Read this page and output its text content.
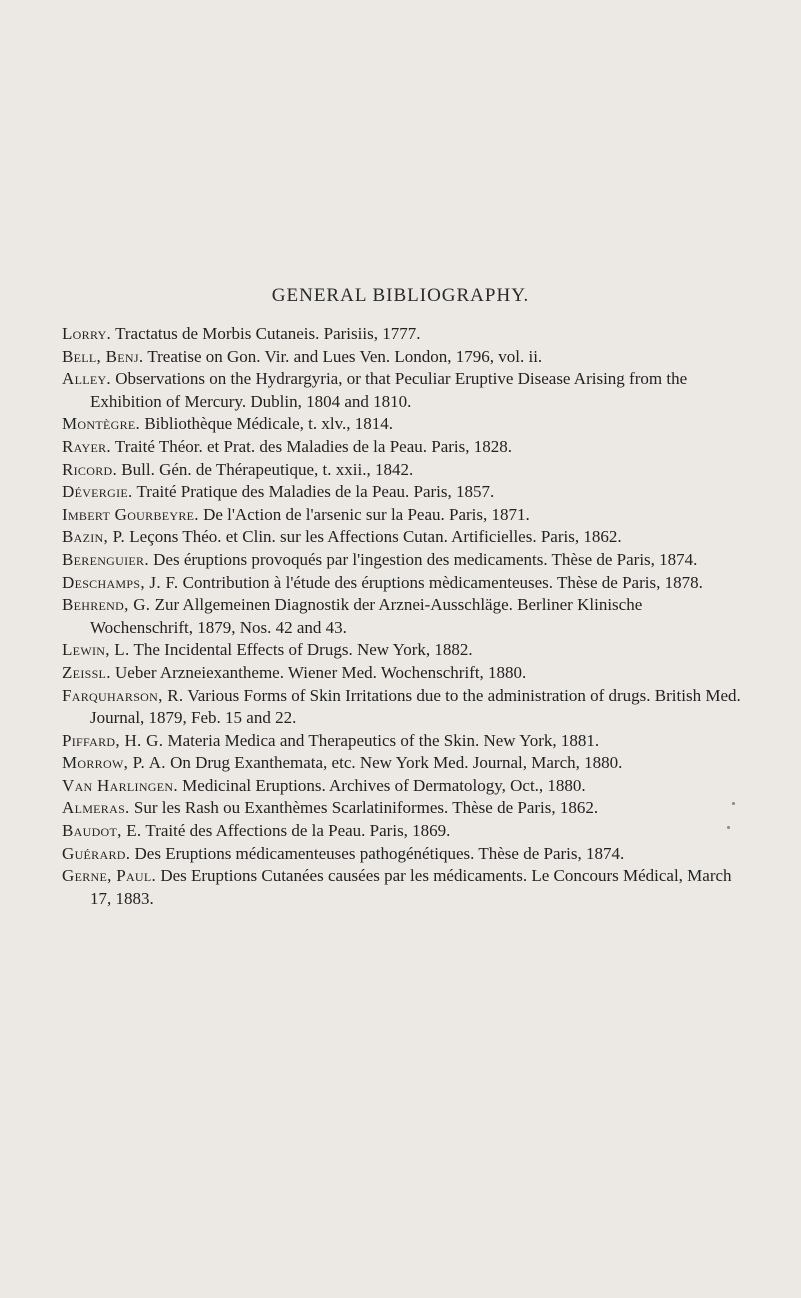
GENERAL BIBLIOGRAPHY.
Lorry. Tractatus de Morbis Cutaneis. Parisiis, 1777.
Bell, Benj. Treatise on Gon. Vir. and Lues Ven. London, 1796, vol. ii.
Alley. Observations on the Hydrargyria, or that Peculiar Eruptive Disease Arising from the Exhibition of Mercury. Dublin, 1804 and 1810.
Montègre. Bibliothèque Médicale, t. xlv., 1814.
Rayer. Traité Théor. et Prat. des Maladies de la Peau. Paris, 1828.
Ricord. Bull. Gén. de Thérapeutique, t. xxii., 1842.
Dévergie. Traité Pratique des Maladies de la Peau. Paris, 1857.
Imbert Gourbeyre. De l'Action de l'arsenic sur la Peau. Paris, 1871.
Bazin, P. Leçons Théo. et Clin. sur les Affections Cutan. Artificielles. Paris, 1862.
Berenguier. Des éruptions provoqués par l'ingestion des medicaments. Thèse de Paris, 1874.
Deschamps, J. F. Contribution à l'étude des éruptions mèdicamenteuses. Thèse de Paris, 1878.
Behrend, G. Zur Allgemeinen Diagnostik der Arznei-Ausschläge. Berliner Klinische Wochenschrift, 1879, Nos. 42 and 43.
Lewin, L. The Incidental Effects of Drugs. New York, 1882.
Zeissl. Ueber Arzneiexantheme. Wiener Med. Wochenschrift, 1880.
Farquharson, R. Various Forms of Skin Irritations due to the administration of drugs. British Med. Journal, 1879, Feb. 15 and 22.
Piffard, H. G. Materia Medica and Therapeutics of the Skin. New York, 1881.
Morrow, P. A. On Drug Exanthemata, etc. New York Med. Journal, March, 1880.
Van Harlingen. Medicinal Eruptions. Archives of Dermatology, Oct., 1880.
Almeras. Sur les Rash ou Exanthèmes Scarlatiniformes. Thèse de Paris, 1862.
Baudot, E. Traité des Affections de la Peau. Paris, 1869.
Guérard. Des Eruptions médicamenteuses pathogénétiques. Thèse de Paris, 1874.
Gerne, Paul. Des Eruptions Cutanées causées par les médicaments. Le Concours Médical, March 17, 1883.
